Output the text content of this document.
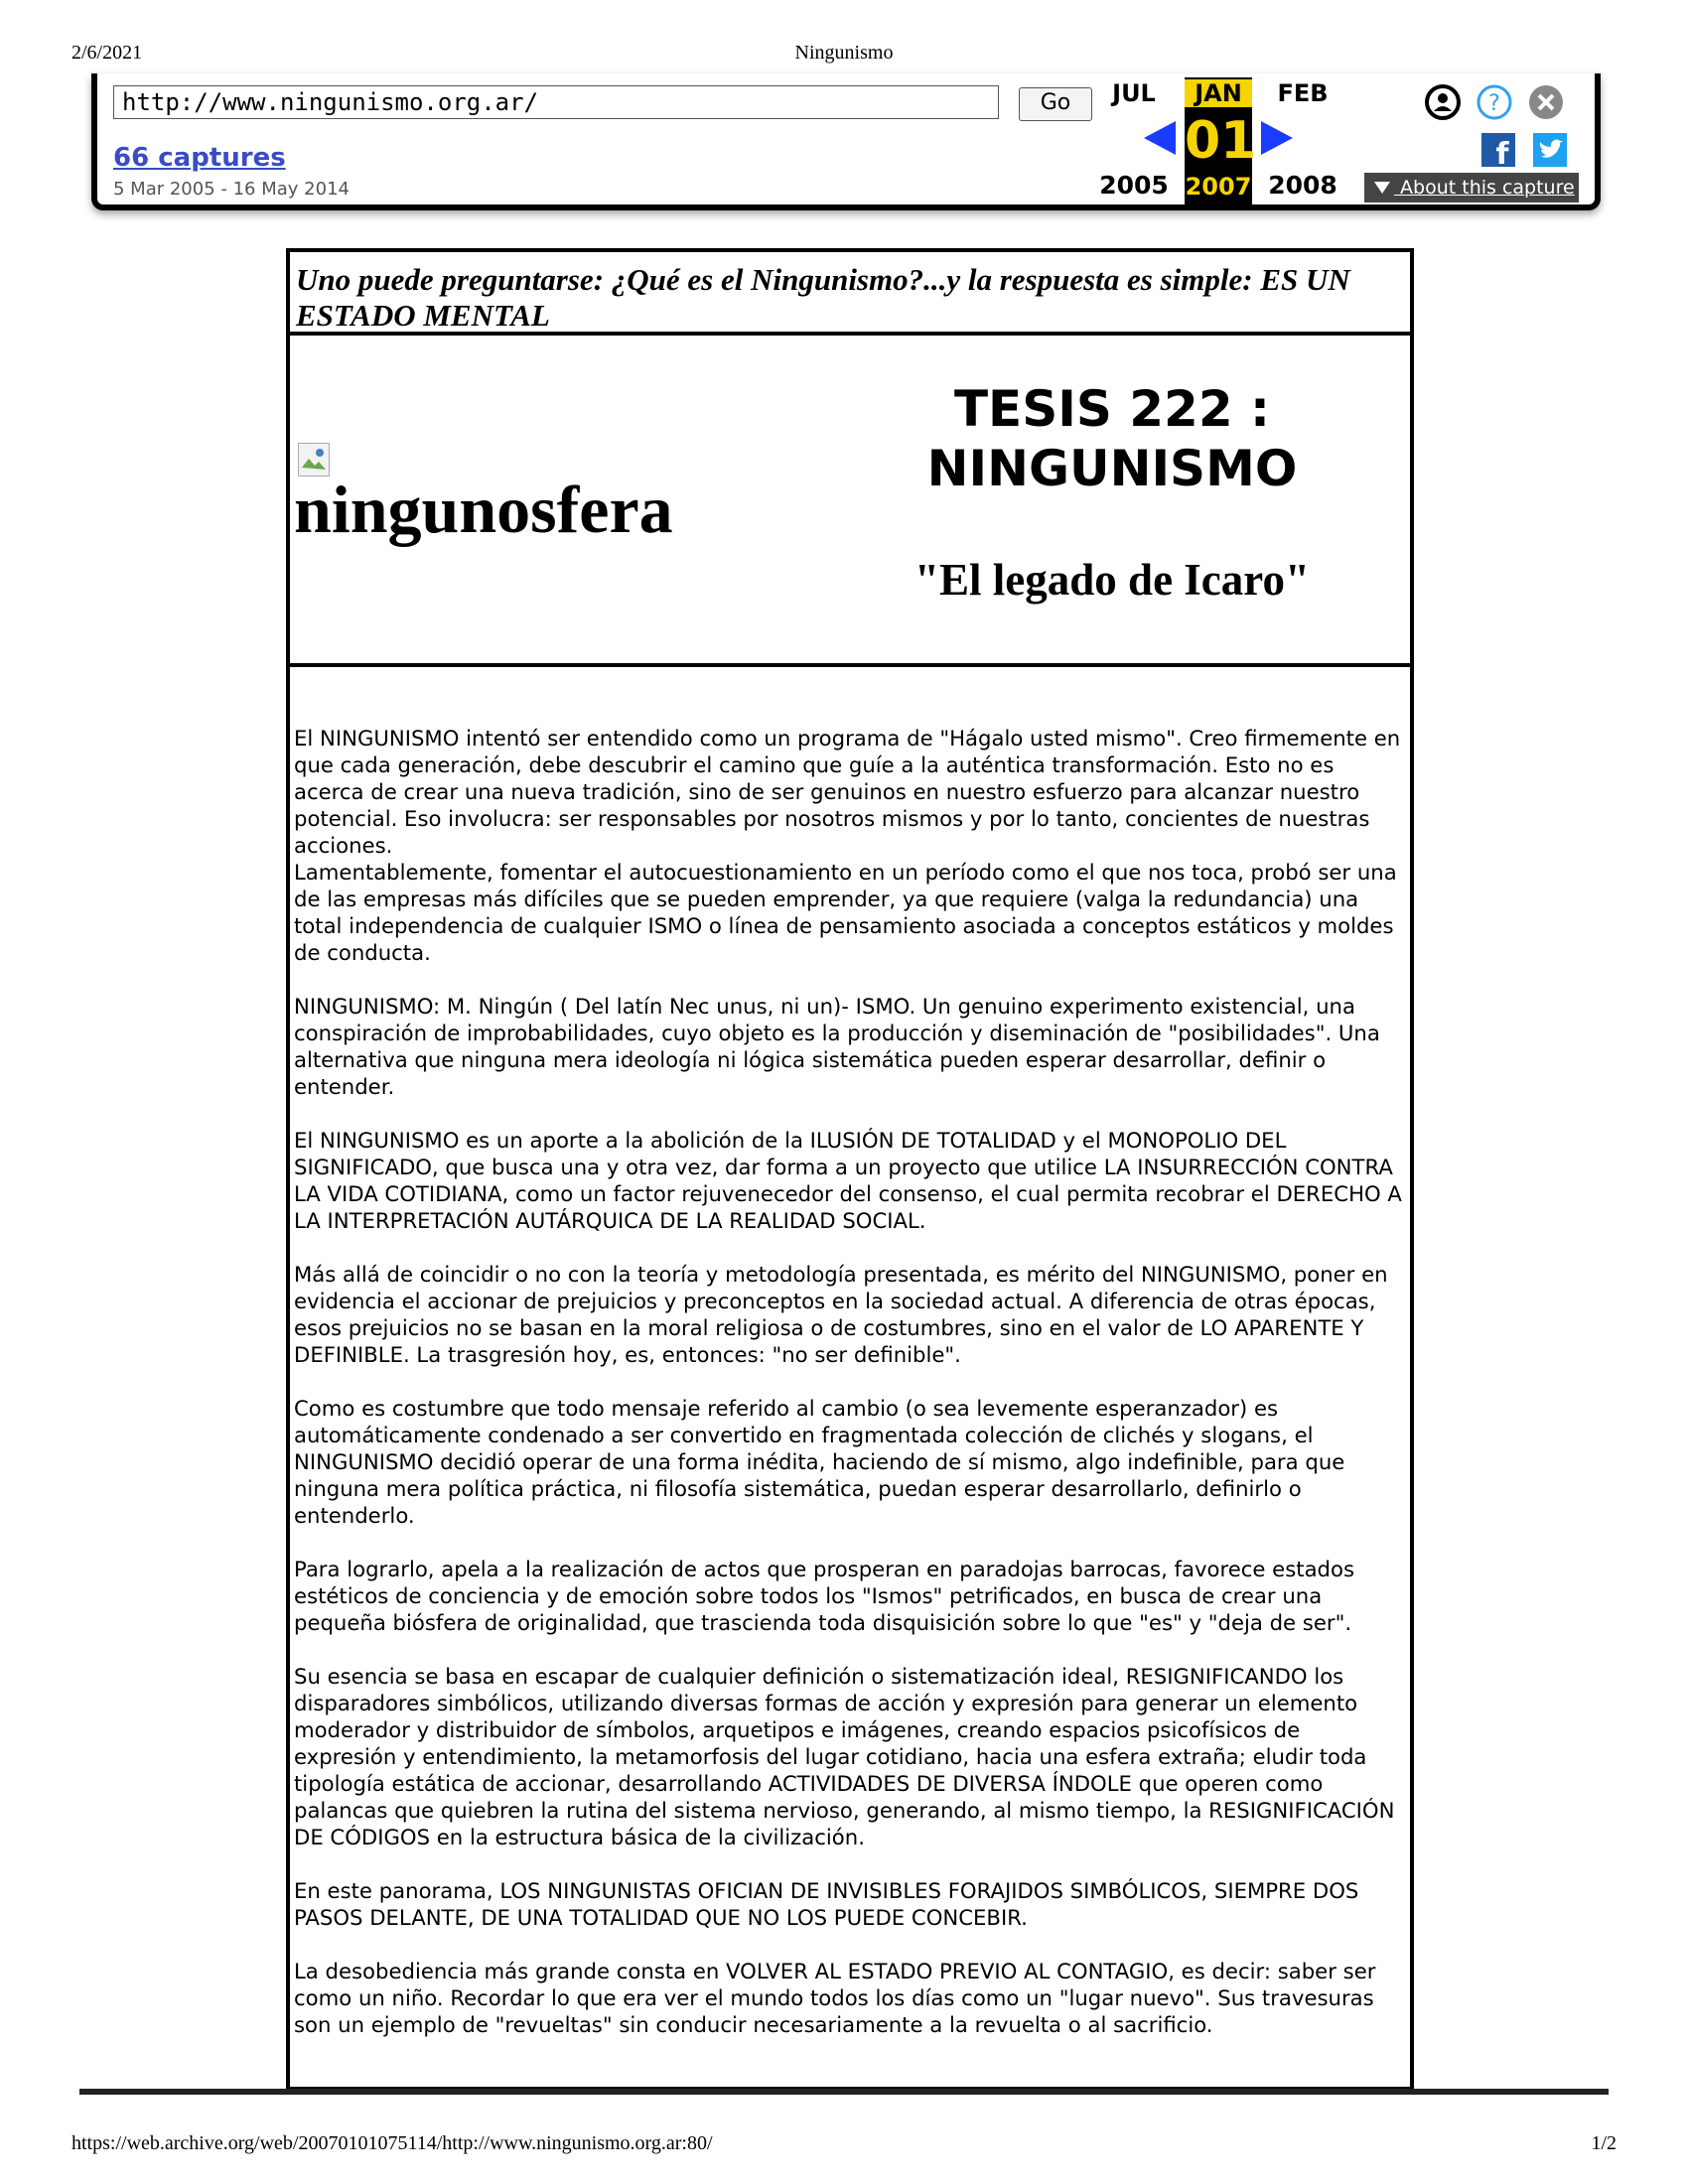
2/6/2021	Ningunismo
http://www.ningunismo.org.ar/	Go
66 captures
5 Mar 2005 - 16 May 2014
JUL	FEB
2005	2008
JAN
01
2007
?
f
About this capture
Uno puede preguntarse: ¿Qué es el Ningunismo?...y la respuesta es simple: ES UN ESTADO MENTAL
ningunosfera
TESIS 222 :
NINGUNISMO
"El legado de Icaro"

El NINGUNISMO intentó ser entendido como un programa de "Hágalo usted mismo". Creo firmemente en que cada generación, debe descubrir el camino que guíe a la auténtica transformación. Esto no es acerca de crear una nueva tradición, sino de ser genuinos en nuestro esfuerzo para alcanzar nuestro potencial. Eso involucra: ser responsables por nosotros mismos y por lo tanto, concientes de nuestras acciones.

Lamentablemente, fomentar el autocuestionamiento en un período como el que nos toca, probó ser una de las empresas más difíciles que se pueden emprender, ya que requiere (valga la redundancia) una total independencia de cualquier ISMO o línea de pensamiento asociada a conceptos estáticos y moldes de conducta.

NINGUNISMO: M. Ningún ( Del latín Nec unus, ni un)- ISMO. Un genuino experimento existencial, una conspiración de improbabilidades, cuyo objeto es la producción y diseminación de "posibilidades". Una alternativa que ninguna mera ideología ni lógica sistemática pueden esperar desarrollar, definir o entender.

El NINGUNISMO es un aporte a la abolición de la ILUSIÓN DE TOTALIDAD y el MONOPOLIO DEL SIGNIFICADO, que busca una y otra vez, dar forma a un proyecto que utilice LA INSURRECCIÓN CONTRA LA VIDA COTIDIANA, como un factor rejuvenecedor del consenso, el cual permita recobrar el DERECHO A LA INTERPRETACIÓN AUTÁRQUICA DE LA REALIDAD SOCIAL.

Más allá de coincidir o no con la teoría y metodología presentada, es mérito del NINGUNISMO, poner en evidencia el accionar de prejuicios y preconceptos en la sociedad actual. A diferencia de otras épocas, esos prejuicios no se basan en la moral religiosa o de costumbres, sino en el valor de LO APARENTE Y DEFINIBLE. La trasgresión hoy, es, entonces: "no ser definible".

Como es costumbre que todo mensaje referido al cambio (o sea levemente esperanzador) es automáticamente condenado a ser convertido en fragmentada colección de clichés y slogans, el NINGUNISMO decidió operar de una forma inédita, haciendo de sí mismo, algo indefinible, para que ninguna mera política práctica, ni filosofía sistemática, puedan esperar desarrollarlo, definirlo o entenderlo.

Para lograrlo, apela a la realización de actos que prosperan en paradojas barrocas, favorece estados estéticos de conciencia y de emoción sobre todos los "Ismos" petrificados, en busca de crear una pequeña biósfera de originalidad, que trascienda toda disquisición sobre lo que "es" y "deja de ser".

Su esencia se basa en escapar de cualquier definición o sistematización ideal, RESIGNIFICANDO los disparadores simbólicos, utilizando diversas formas de acción y expresión para generar un elemento moderador y distribuidor de símbolos, arquetipos e imágenes, creando espacios psicofísicos de expresión y entendimiento, la metamorfosis del lugar cotidiano, hacia una esfera extraña; eludir toda tipología estática de accionar, desarrollando ACTIVIDADES DE DIVERSA ÍNDOLE que operen como palancas que quiebren la rutina del sistema nervioso, generando, al mismo tiempo, la RESIGNIFICACIÓN DE CÓDIGOS en la estructura básica de la civilización.

En este panorama, LOS NINGUNISTAS OFICIAN DE INVISIBLES FORAJIDOS SIMBÓLICOS, SIEMPRE DOS PASOS DELANTE, DE UNA TOTALIDAD QUE NO LOS PUEDE CONCEBIR.

La desobediencia más grande consta en VOLVER AL ESTADO PREVIO AL CONTAGIO, es decir: saber ser como un niño. Recordar lo que era ver el mundo todos los días como un "lugar nuevo". Sus travesuras son un ejemplo de "revueltas" sin conducir necesariamente a la revuelta o al sacrificio.

https://web.archive.org/web/20070101075114/http://www.ningunismo.org.ar:80/	1/2
